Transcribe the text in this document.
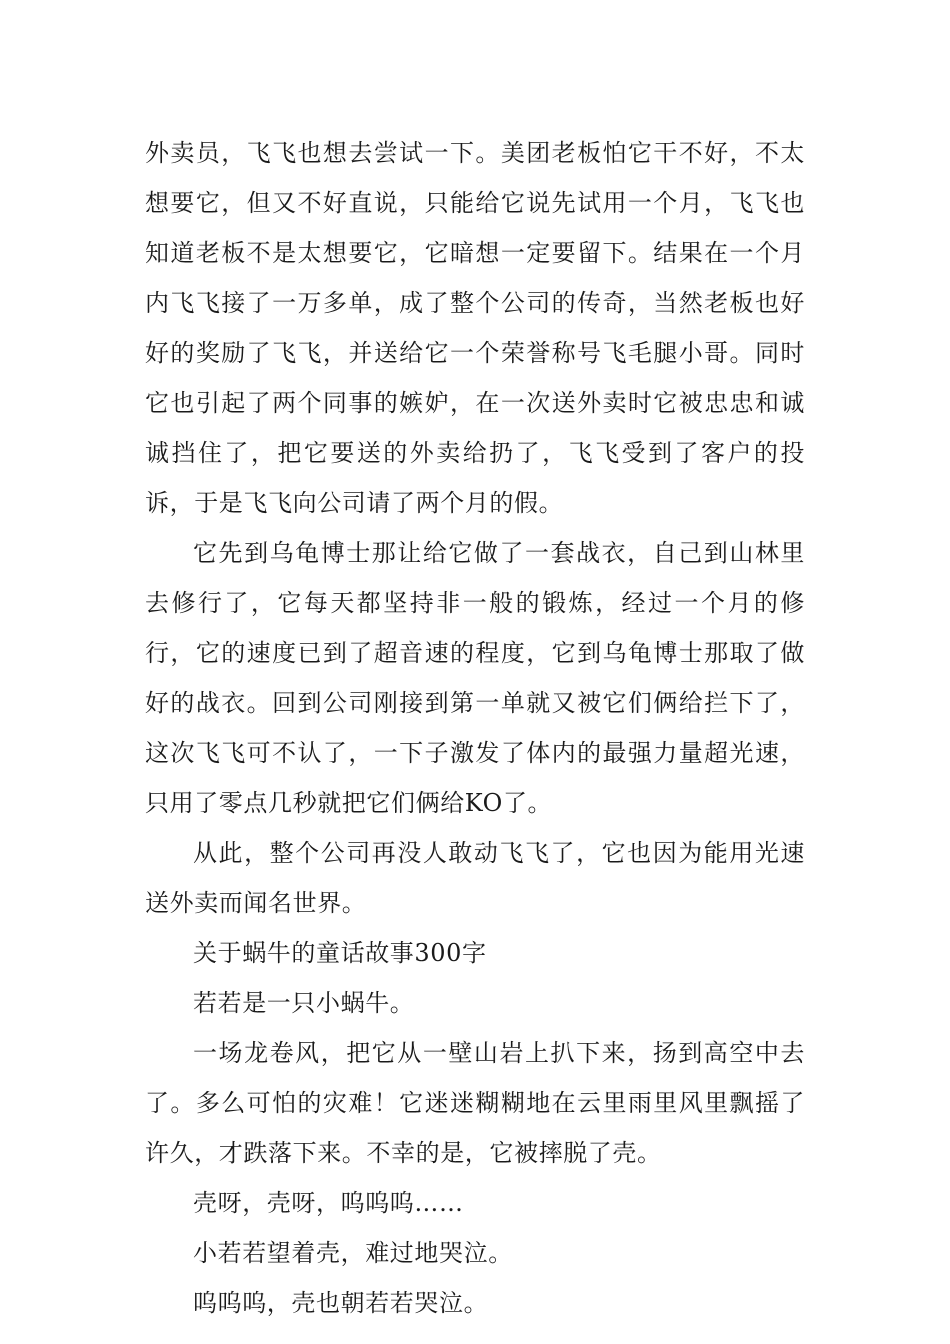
外卖员，飞飞也想去尝试一下。美团老板怕它干不好，不太想要它，但又不好直说，只能给它说先试用一个月，飞飞也知道老板不是太想要它，它暗想一定要留下。结果在一个月内飞飞接了一万多单，成了整个公司的传奇，当然老板也好好的奖励了飞飞，并送给它一个荣誉称号飞毛腿小哥。同时它也引起了两个同事的嫉妒，在一次送外卖时它被忠忠和诚诚挡住了，把它要送的外卖给扔了，飞飞受到了客户的投诉，于是飞飞向公司请了两个月的假。

它先到乌龟博士那让给它做了一套战衣，自己到山林里去修行了，它每天都坚持非一般的锻炼，经过一个月的修行，它的速度已到了超音速的程度，它到乌龟博士那取了做好的战衣。回到公司刚接到第一单就又被它们俩给拦下了，这次飞飞可不认了，一下子激发了体内的最强力量超光速，只用了零点几秒就把它们俩给KO了。

从此，整个公司再没人敢动飞飞了，它也因为能用光速送外卖而闻名世界。

关于蜗牛的童话故事300字

若若是一只小蜗牛。

一场龙卷风，把它从一壁山岩上扒下来，扬到高空中去了。多么可怕的灾难！它迷迷糊糊地在云里雨里风里飘摇了许久，才跌落下来。不幸的是，它被摔脱了壳。

壳呀，壳呀，呜呜呜……

小若若望着壳，难过地哭泣。

呜呜呜，壳也朝若若哭泣。
